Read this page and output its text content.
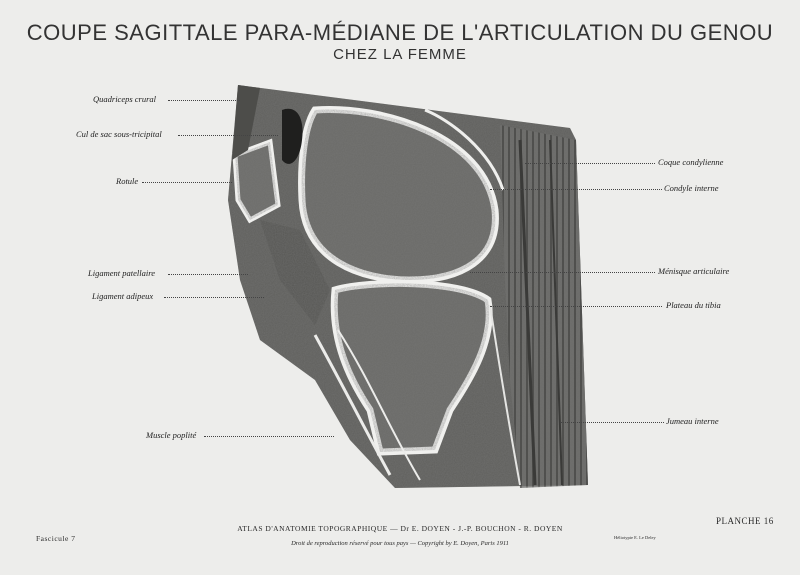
COUPE SAGITTALE PARA-MÉDIANE DE L'ARTICULATION DU GENOU
CHEZ LA FEMME
Quadriceps crural
Cul de sac sous-tricipital
Rotule
Ligament patellaire
Ligament adipeux
Muscle poplité
Coque condylienne
Condyle interne
Ménisque articulaire
Plateau du tibia
Jumeau interne
Fascicule 7
ATLAS D'ANATOMIE TOPOGRAPHIQUE — Dr E. DOYEN - J.-P. BOUCHON - R. DOYEN
Droit de reproduction réservé pour tous pays — Copyright by E. Doyen, Paris 1911
PLANCHE 16
Héliotypie E. Le Deley
